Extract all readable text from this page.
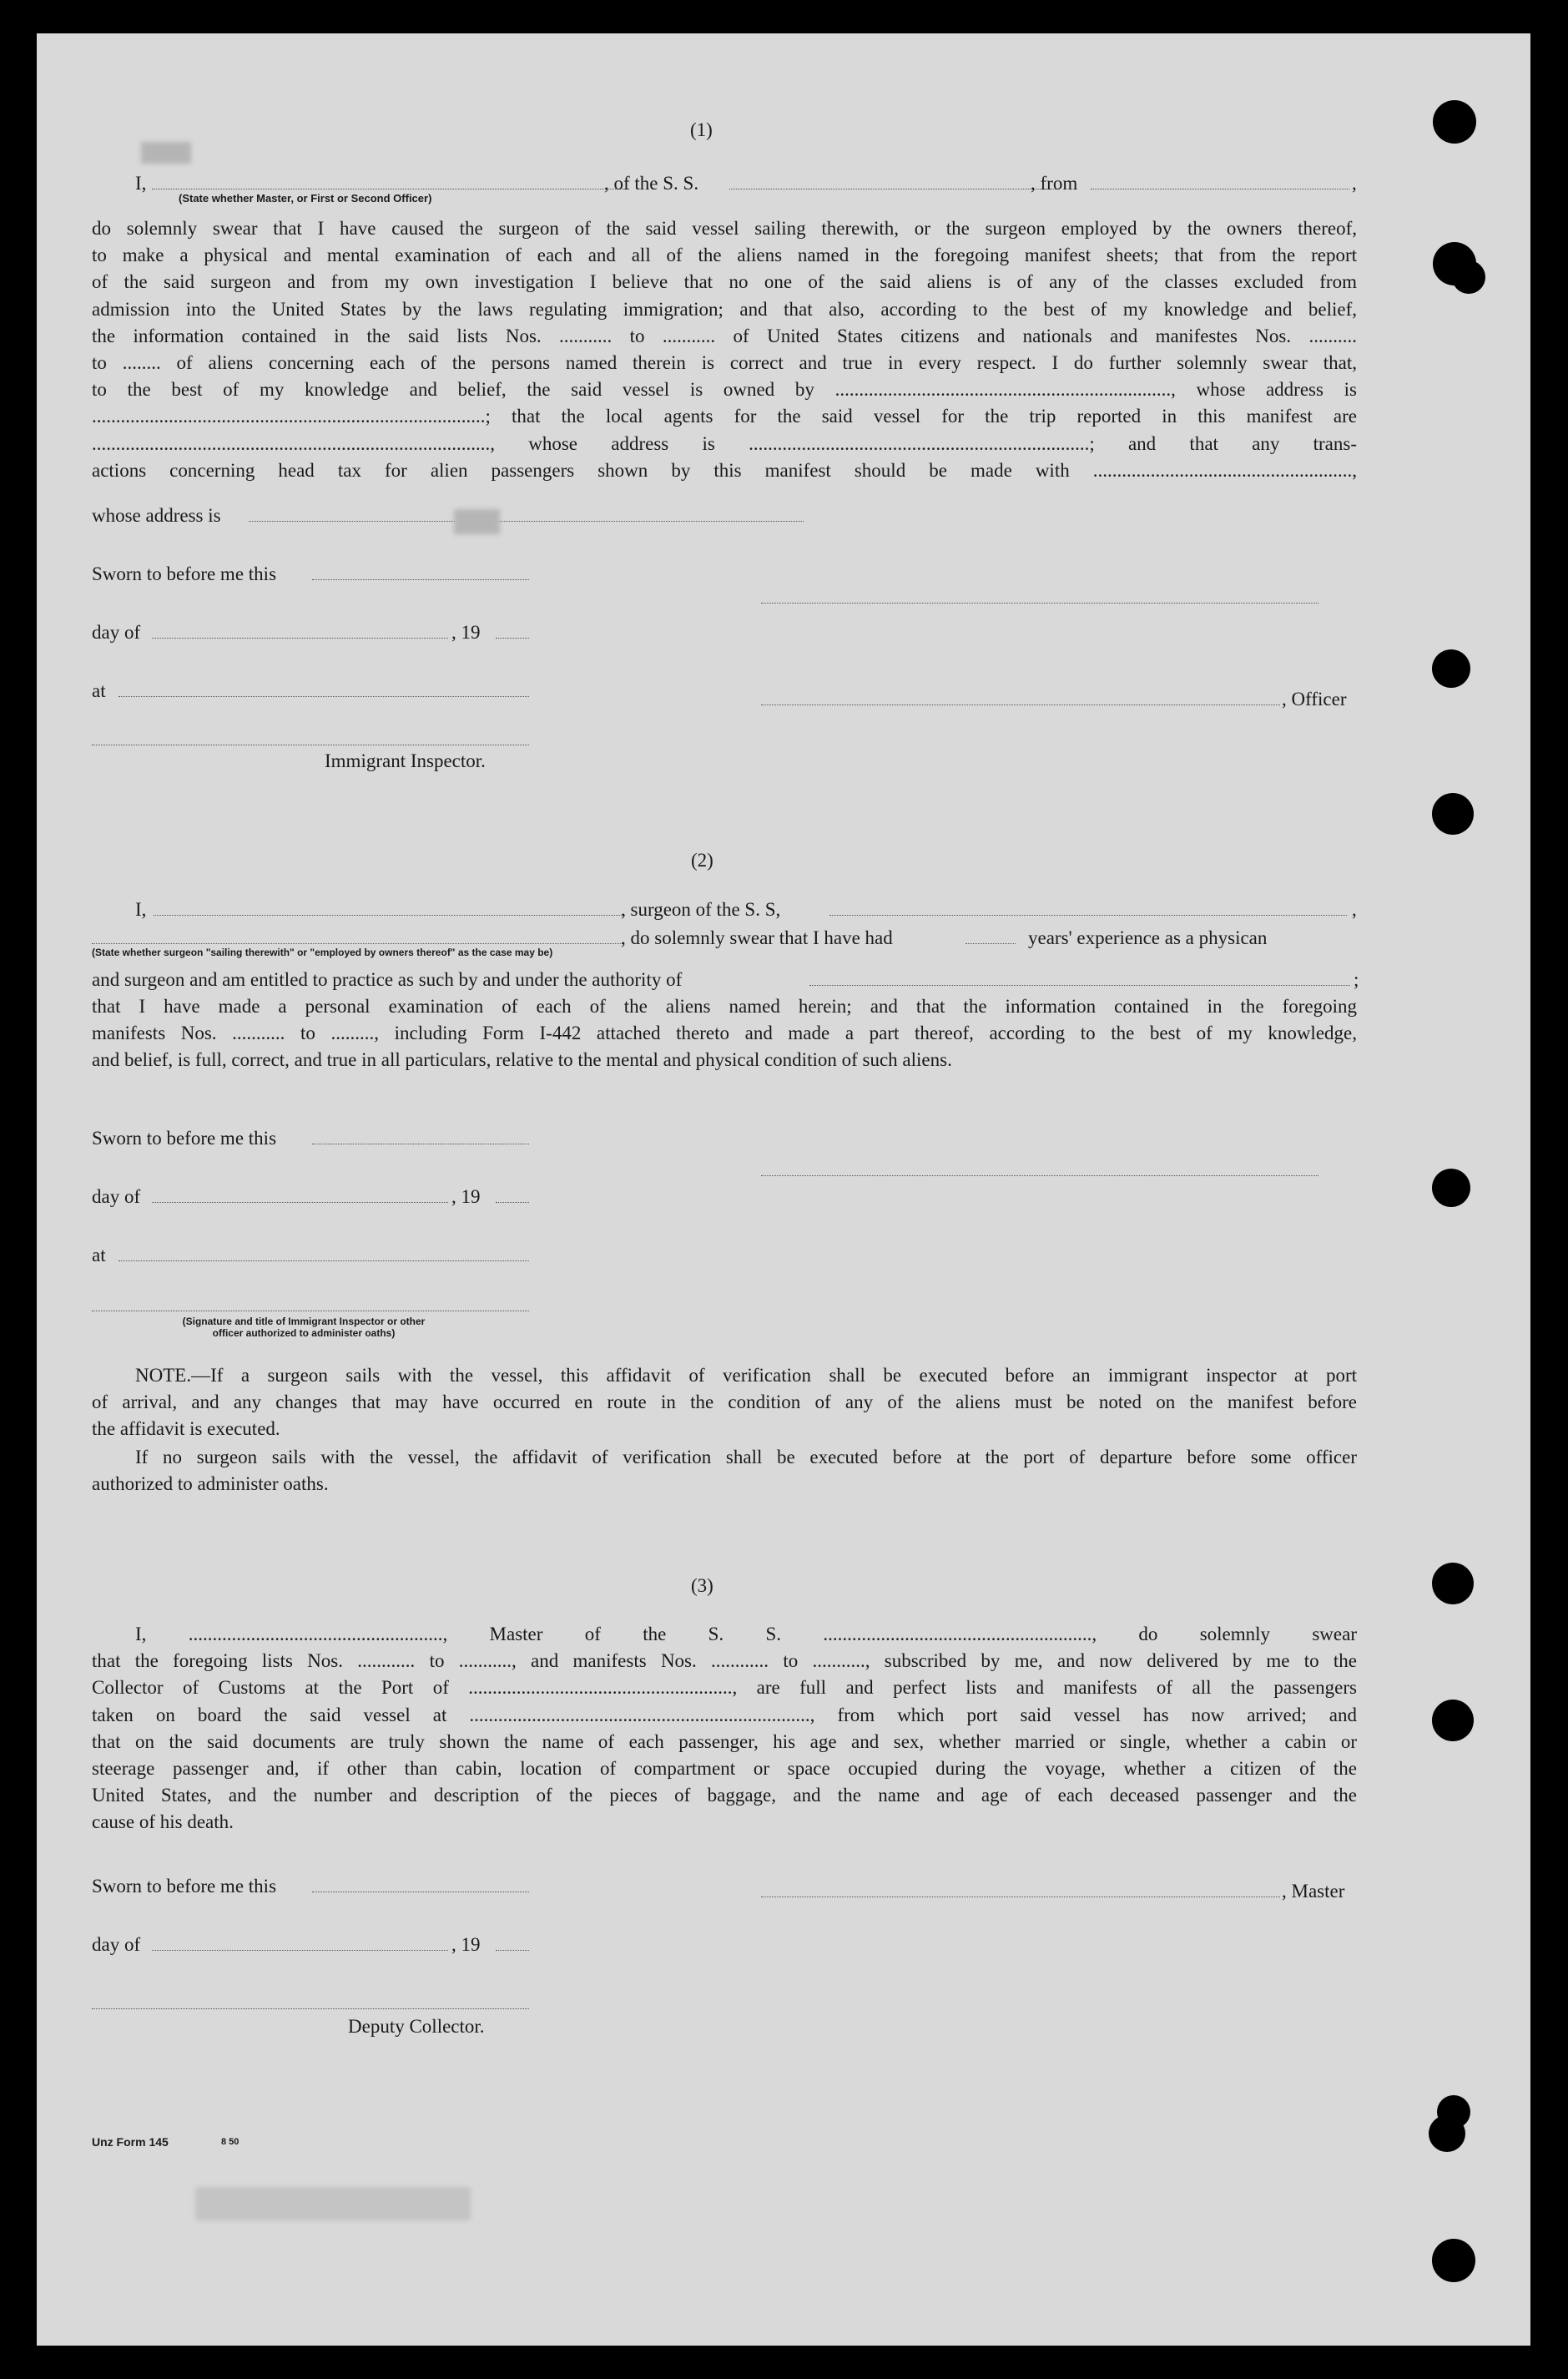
(1)
I,	, of the S. S.	, from	,
(State whether Master, or First or Second Officer)
do solemnly swear that I have caused the surgeon of the said vessel sailing therewith, or the surgeon employed by the owners thereof,
to make a physical and mental examination of each and all of the aliens named in the foregoing manifest sheets; that from the report
of the said surgeon and from my own investigation I believe that no one of the said aliens is of any of the classes excluded from
admission into the United States by the laws regulating immigration; and that also, according to the best of my knowledge and belief,
the information contained in the said lists Nos. ........... to ........... of United States citizens and nationals and manifestes Nos. ..........
to ........ of aliens concerning each of the persons named therein is correct and true in every respect. I do further solemnly swear that,
to the best of my knowledge and belief, the said vessel is owned by ......................................................................, whose address is
..................................................................................; that the local agents for the said vessel for the trip reported in this manifest are
..................................................................................., whose address is .......................................................................; and that any trans-
actions concerning head tax for alien passengers shown by this manifest should be made with ......................................................,
whose address is
Sworn to before me this
day of	, 19
at	, Officer
Immigrant Inspector.
(2)
I,	, surgeon of the S. S,	,
, do solemnly swear that I have had	years' experience as a physican
(State whether surgeon "sailing therewith" or "employed by owners thereof" as the case may be)
and surgeon and am entitled to practice as such by and under the authority of	;
that I have made a personal examination of each of the aliens named herein; and that the information contained in the foregoing
manifests Nos. ........... to ........., including Form I-442 attached thereto and made a part thereof, according to the best of my knowledge,
and belief, is full, correct, and true in all particulars, relative to the mental and physical condition of such aliens.
Sworn to before me this
day of	, 19
at
(Signature and title of Immigrant Inspector or other
officer authorized to administer oaths)
NOTE.—If a surgeon sails with the vessel, this affidavit of verification shall be executed before an immigrant inspector at port
of arrival, and any changes that may have occurred en route in the condition of any of the aliens must be noted on the manifest before
the affidavit is executed.
If no surgeon sails with the vessel, the affidavit of verification shall be executed before at the port of departure before some officer
authorized to administer oaths.
(3)
I, ....................................................., Master of the S. S. ........................................................, do solemnly swear
that the foregoing lists Nos. ............ to ..........., and manifests Nos. ............ to ..........., subscribed by me, and now delivered by me to the
Collector of Customs at the Port of ......................................................., are full and perfect lists and manifests of all the passengers
taken on board the said vessel at ......................................................................., from which port said vessel has now arrived; and
that on the said documents are truly shown the name of each passenger, his age and sex, whether married or single, whether a cabin or
steerage passenger and, if other than cabin, location of compartment or space occupied during the voyage, whether a citizen of the
United States, and the number and description of the pieces of baggage, and the name and age of each deceased passenger and the
cause of his death.
Sworn to before me this	, Master
day of	, 19
Deputy Collector.
Unz Form 145	8 50
